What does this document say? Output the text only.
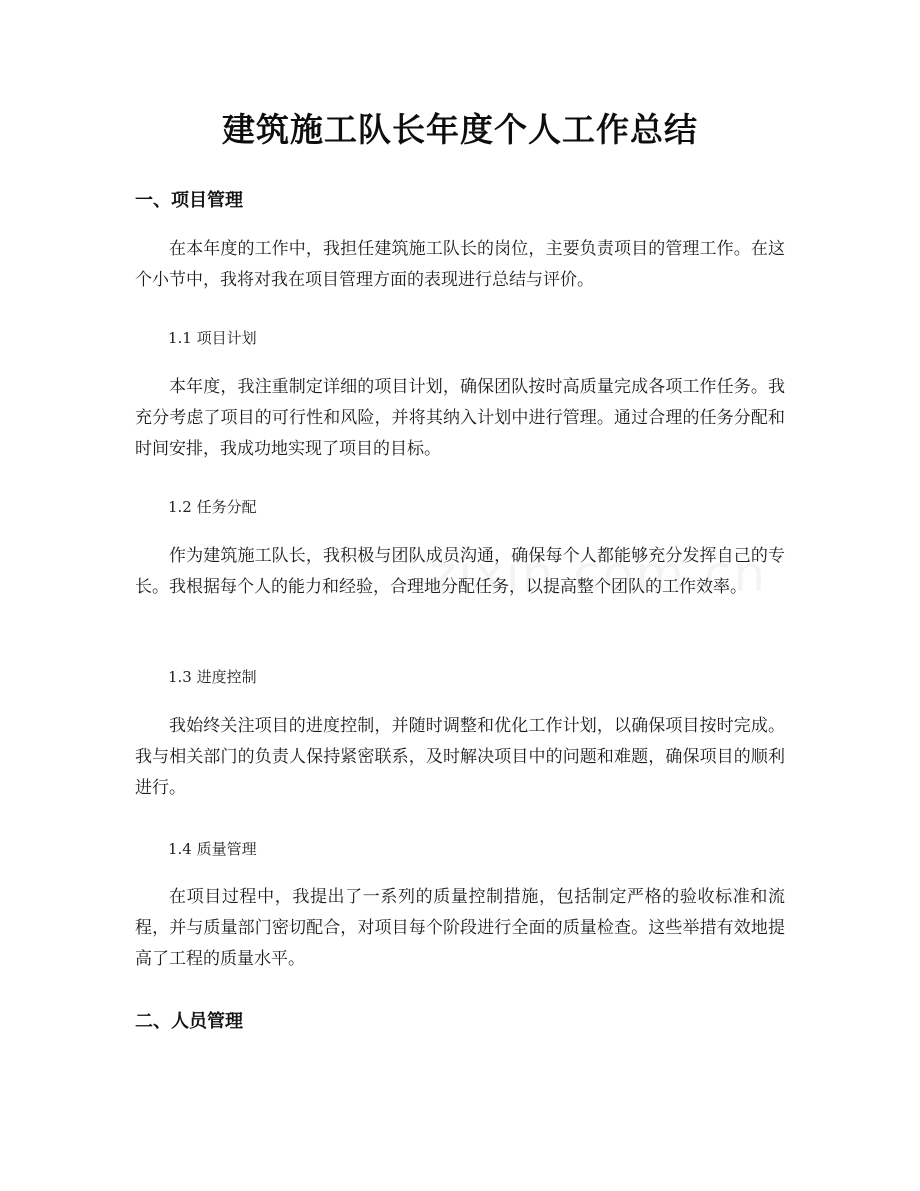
建筑施工队长年度个人工作总结
一、项目管理

在本年度的工作中，我担任建筑施工队长的岗位，主要负责项目的管理工作。在这个小节中，我将对我在项目管理方面的表现进行总结与评价。

1.1 项目计划

本年度，我注重制定详细的项目计划，确保团队按时高质量完成各项工作任务。我充分考虑了项目的可行性和风险，并将其纳入计划中进行管理。通过合理的任务分配和时间安排，我成功地实现了项目的目标。

1.2 任务分配

作为建筑施工队长，我积极与团队成员沟通，确保每个人都能够充分发挥自己的专长。我根据每个人的能力和经验，合理地分配任务，以提高整个团队的工作效率。

1.3 进度控制

我始终关注项目的进度控制，并随时调整和优化工作计划，以确保项目按时完成。我与相关部门的负责人保持紧密联系，及时解决项目中的问题和难题，确保项目的顺利进行。

1.4 质量管理

在项目过程中，我提出了一系列的质量控制措施，包括制定严格的验收标准和流程，并与质量部门密切配合，对项目每个阶段进行全面的质量检查。这些举措有效地提高了工程的质量水平。

二、人员管理
